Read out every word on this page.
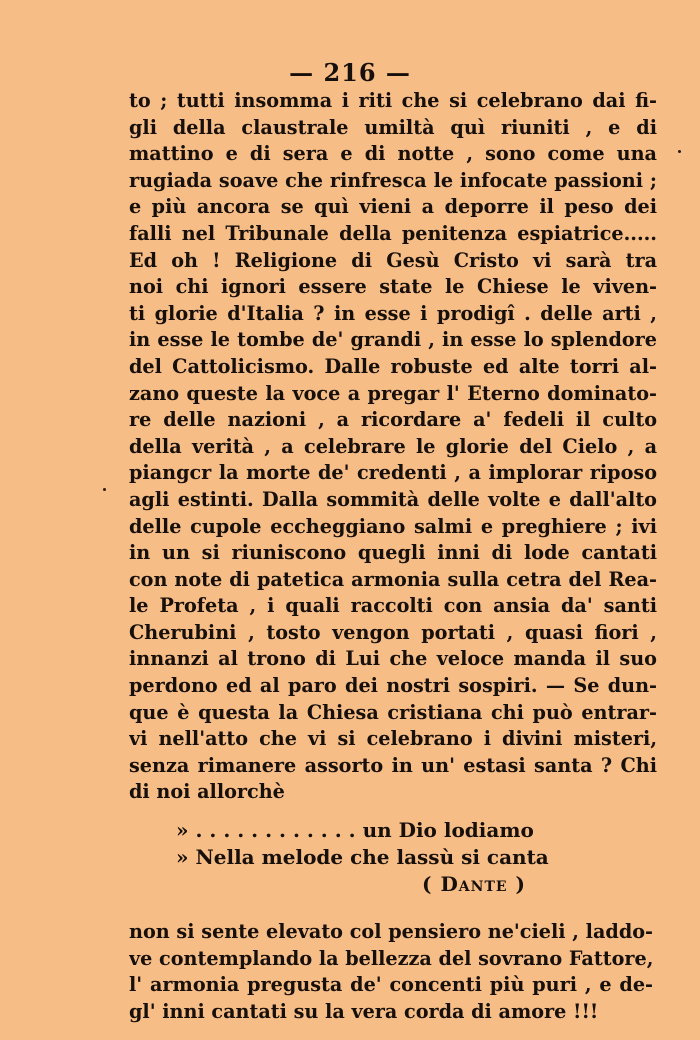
— 216 —
to ; tutti insomma i riti che si celebrano dai fi-
gli della claustrale umiltà quì riuniti , e di
mattino e di sera e di notte , sono come una
rugiada soave che rinfresca le infocate passioni ;
e più ancora se quì vieni a deporre il peso dei
falli nel Tribunale della penitenza espiatrice.....
Ed oh ! Religione di Gesù Cristo vi sarà tra
noi chi ignori essere state le Chiese le viven-
ti glorie d'Italia ? in esse i prodigî . delle arti ,
in esse le tombe de' grandi , in esse lo splendore
del Cattolicismo. Dalle robuste ed alte torri al-
zano queste la voce a pregar l' Eterno dominato-
re delle nazioni , a ricordare a' fedeli il culto
della verità , a celebrare le glorie del Cielo , a
piangcr la morte de' credenti , a implorar riposo
agli estinti. Dalla sommità delle volte e dall'alto
delle cupole eccheggiano salmi e preghiere ; ivi
in un si riuniscono quegli inni di lode cantati
con note di patetica armonia sulla cetra del Rea-
le Profeta , i quali raccolti con ansia da' santi
Cherubini , tosto vengon portati , quasi fiori ,
innanzi al trono di Lui che veloce manda il suo
perdono ed al paro dei nostri sospiri. — Se dun-
que è questa la Chiesa cristiana chi può entrar-
vi nell'atto che vi si celebrano i divini misteri,
senza rimanere assorto in un' estasi santa ? Chi
di noi allorchè
» . . . . . . . . . . . . un Dio lodiamo
» Nella melode che lassù si canta
( Dante )
non si sente elevato col pensiero ne'cieli , laddo-
ve contemplando la bellezza del sovrano Fattore,
l' armonia pregusta de' concenti più puri , e de-
gl' inni cantati su la vera corda di amore !!!
